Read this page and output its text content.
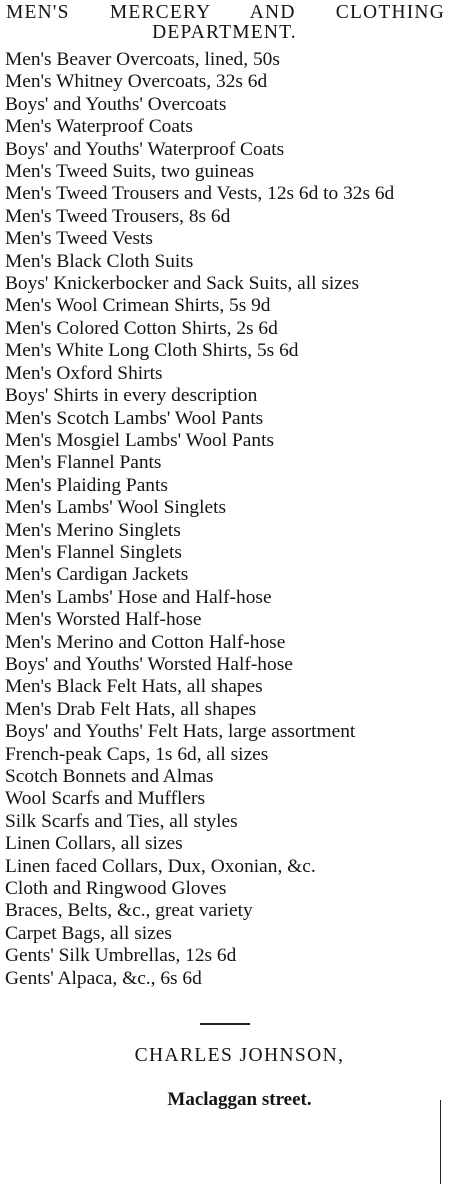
MEN'S MERCERY AND CLOTHING
DEPARTMENT.
Men's Beaver Overcoats, lined, 50s
Men's Whitney Overcoats, 32s 6d
Boys' and Youths' Overcoats
Men's Waterproof Coats
Boys' and Youths' Waterproof Coats
Men's Tweed Suits, two guineas
Men's Tweed Trousers and Vests, 12s 6d to 32s 6d
Men's Tweed Trousers, 8s 6d
Men's Tweed Vests
Men's Black Cloth Suits
Boys' Knickerbocker and Sack Suits, all sizes
Men's Wool Crimean Shirts, 5s 9d
Men's Colored Cotton Shirts, 2s 6d
Men's White Long Cloth Shirts, 5s 6d
Men's Oxford Shirts
Boys' Shirts in every description
Men's Scotch Lambs' Wool Pants
Men's Mosgiel Lambs' Wool Pants
Men's Flannel Pants
Men's Plaiding Pants
Men's Lambs' Wool Singlets
Men's Merino Singlets
Men's Flannel Singlets
Men's Cardigan Jackets
Men's Lambs' Hose and Half-hose
Men's Worsted Half-hose
Men's Merino and Cotton Half-hose
Boys' and Youths' Worsted Half-hose
Men's Black Felt Hats, all shapes
Men's Drab Felt Hats, all shapes
Boys' and Youths' Felt Hats, large assortment
French-peak Caps, 1s 6d, all sizes
Scotch Bonnets and Almas
Wool Scarfs and Mufflers
Silk Scarfs and Ties, all styles
Linen Collars, all sizes
Linen faced Collars, Dux, Oxonian, &c.
Cloth and Ringwood Gloves
Braces, Belts, &c., great variety
Carpet Bags, all sizes
Gents' Silk Umbrellas, 12s 6d
Gents' Alpaca, &c., 6s 6d
CHARLES JOHNSON,
Maclaggan street.
